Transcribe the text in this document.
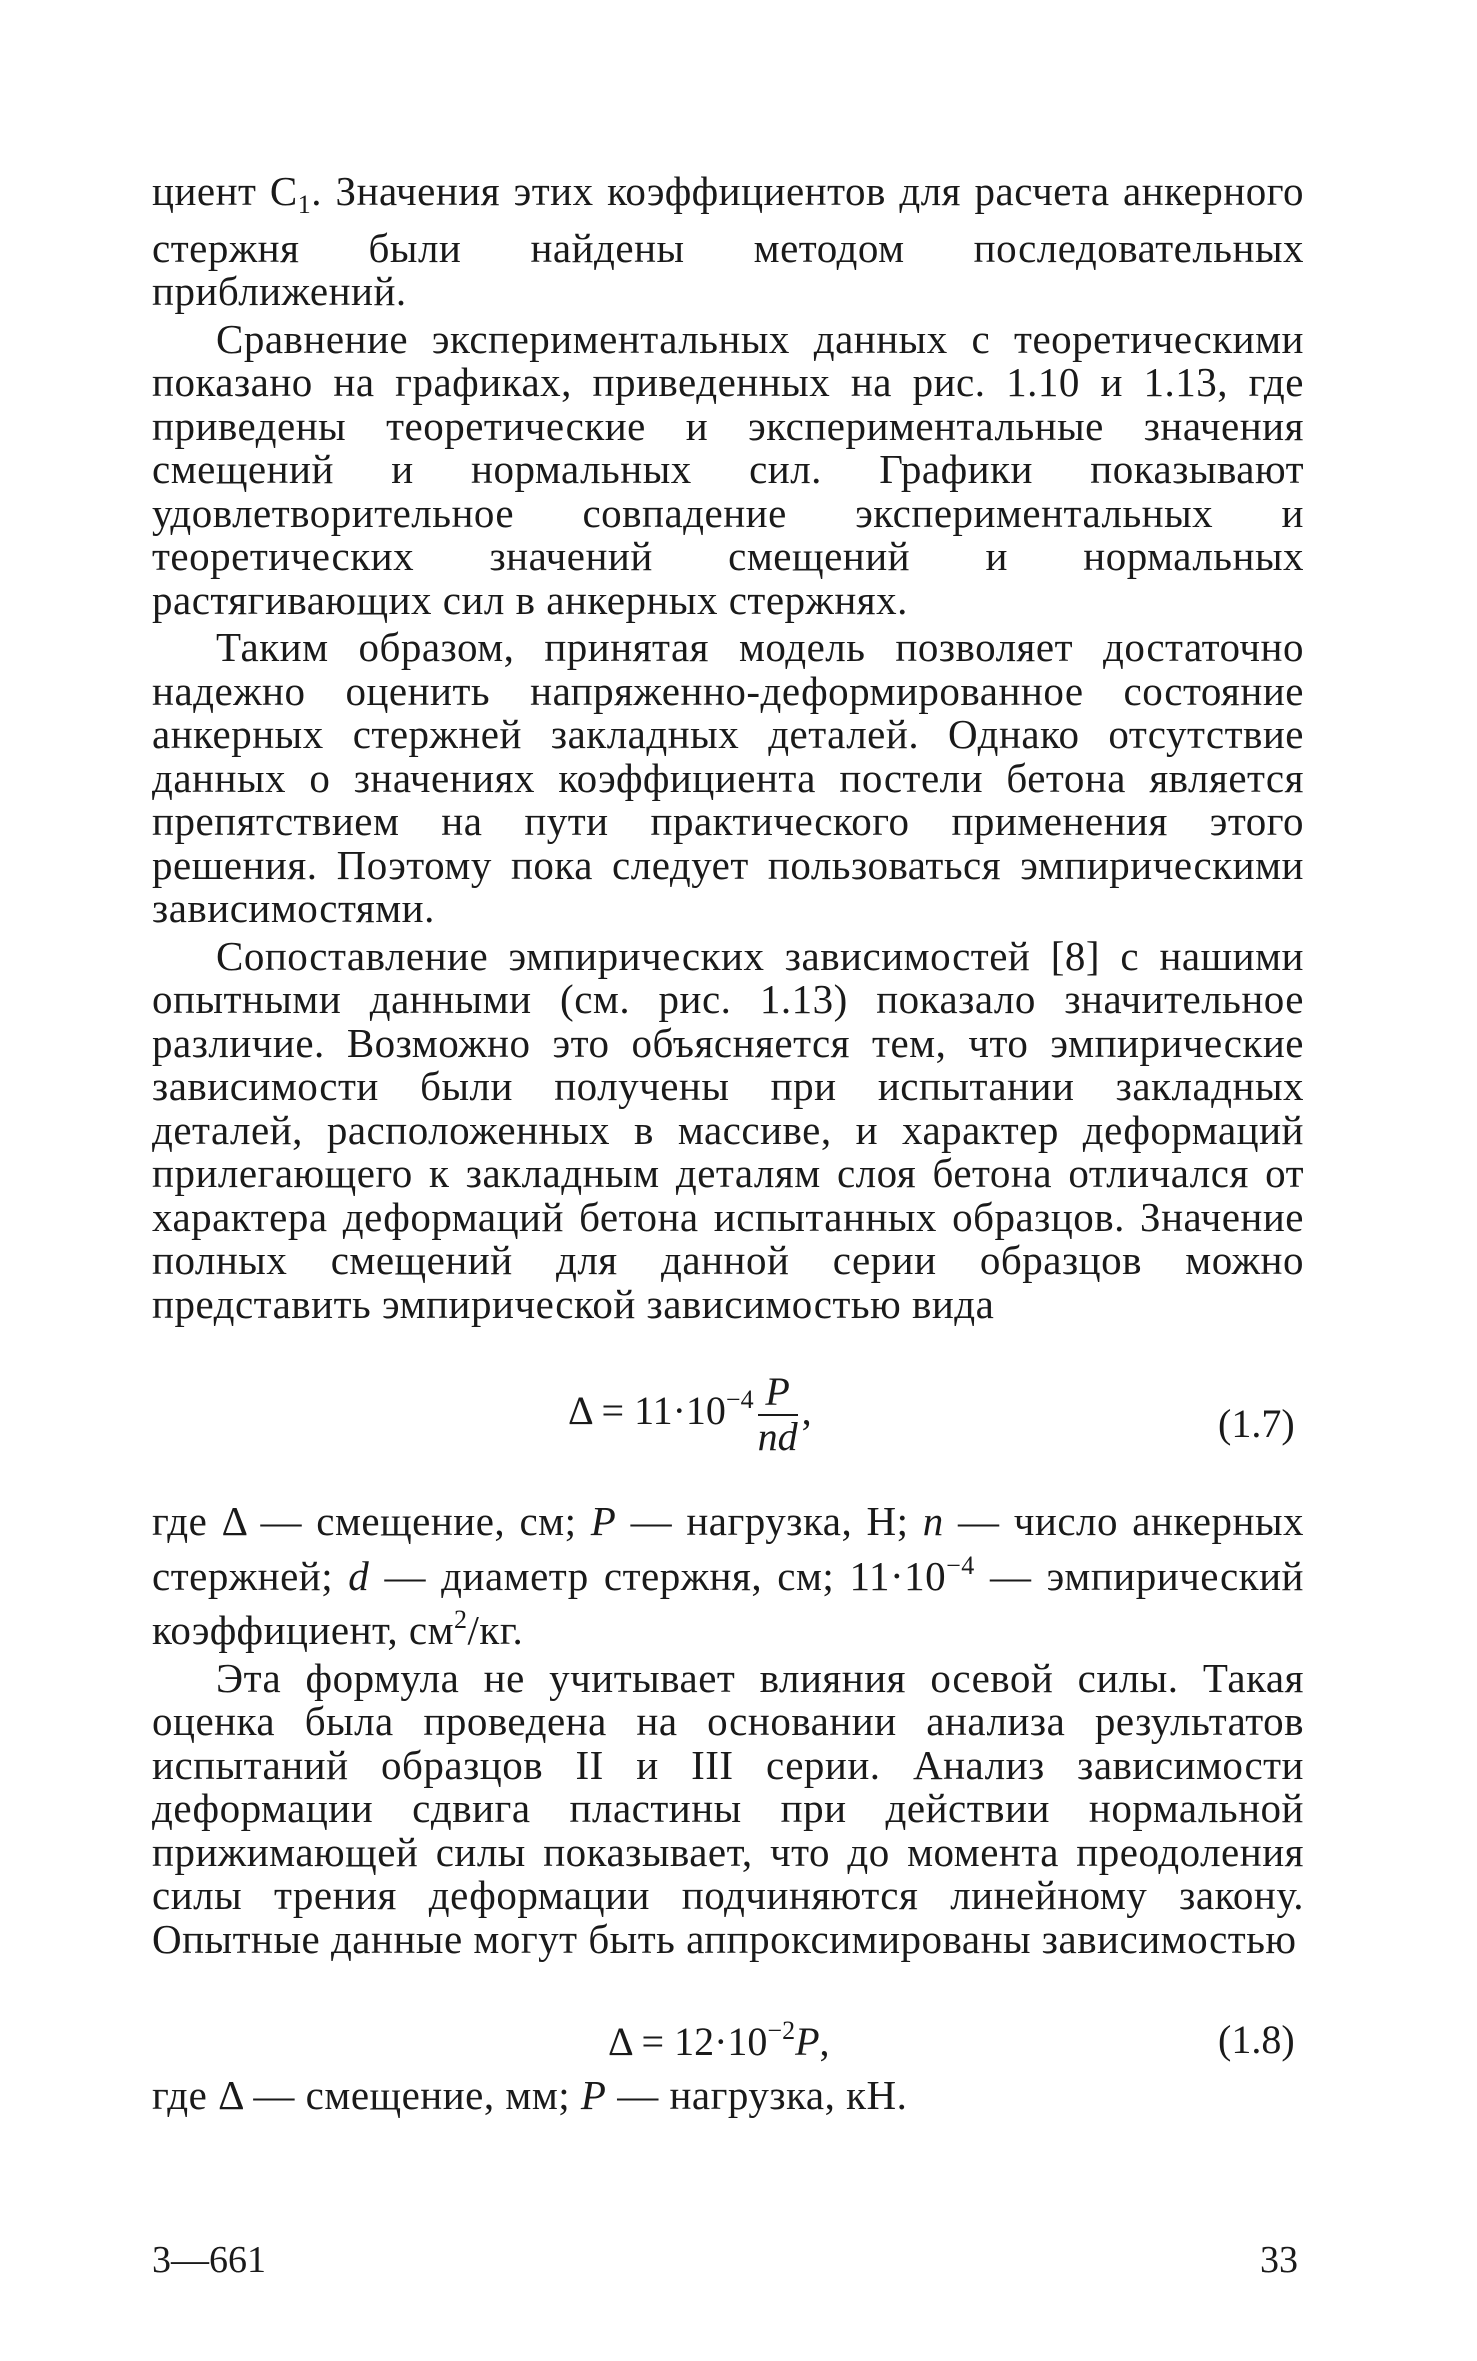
циент $C_1$. Значения этих коэффициентов для расчета анкерного стержня были найдены методом последовательных приближений.

Сравнение экспериментальных данных с теоретическими показано на графиках, приведенных на рис. 1.10 и 1.13, где приведены теоретические и экспериментальные значения смещений и нормальных сил. Графики показывают удовлетворительное совпадение экспериментальных и теоретических значений смещений и нормальных растягивающих сил в анкерных стержнях.

Таким образом, принятая модель позволяет достаточно надежно оценить напряженно-деформированное состояние анкерных стержней закладных деталей. Однако отсутствие данных о значениях коэффициента постели бетона является препятствием на пути практического применения этого решения. Поэтому пока следует пользоваться эмпирическими зависимостями.

Сопоставление эмпирических зависимостей [8] с нашими опытными данными (см. рис. 1.13) показало значительное различие. Возможно это объясняется тем, что эмпирические зависимости были получены при испытании закладных деталей, расположенных в массиве, и характер деформаций прилегающего к закладным деталям слоя бетона отличался от характера деформаций бетона испытанных образцов. Значение полных смещений для данной серии образцов можно представить эмпирической зависимостью вида

$\Delta = 11\cdot 10^{-4} \frac{P}{nd}$ ,	(1.7)

где Δ — смещение, см; P — нагрузка, Н; n — число анкерных стержней; d — диаметр стержня, см; $11\cdot 10^{-4}$ — эмпирический коэффициент, $см^2/кг$.

Эта формула не учитывает влияния осевой силы. Такая оценка была проведена на основании анализа результатов испытаний образцов II и III серии. Анализ зависимости деформации сдвига пластины при действии нормальной прижимающей силы показывает, что до момента преодоления силы трения деформации подчиняются линейному закону. Опытные данные могут быть аппроксимированы зависимостью

$\Delta = 12\cdot 10^{-2}P$,	(1.8)

где Δ — смещение, мм; P — нагрузка, кН.

3—661	33
